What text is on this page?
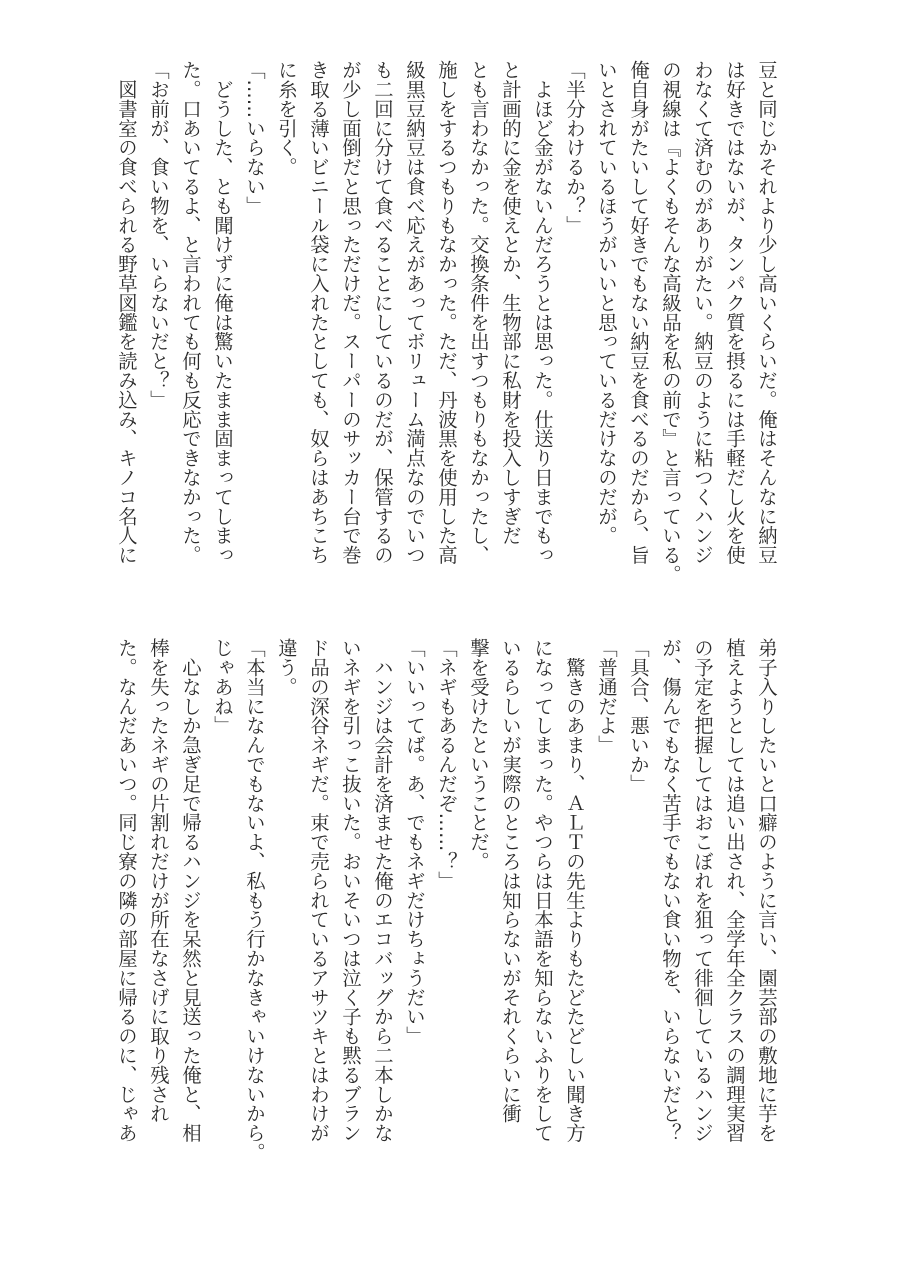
豆と同じかそれより少し高いくらいだ。俺はそんなに納豆
は好きではないが、タンパク質を摂るには手軽だし火を使
わなくて済むのがありがたい。納豆のように粘つくハンジ
の視線は『よくもそんな高級品を私の前で』と言っている。
俺自身がたいして好きでもない納豆を食べるのだから、旨
いとされているほうがいいと思っているだけなのだが。
「半分わけるか？」
　よほど金がないんだろうとは思った。仕送り日までもっ
と計画的に金を使えとか、生物部に私財を投入しすぎだ
とも言わなかった。交換条件を出すつもりもなかったし、
施しをするつもりもなかった。ただ、丹波黒を使用した高
級黒豆納豆は食べ応えがあってボリューム満点なのでいつ
も二回に分けて食べることにしているのだが、保管するの
が少し面倒だと思っただけだ。スーパーのサッカー台で巻
き取る薄いビニール袋に入れたとしても、奴らはあちこち
に糸を引く。
「……いらない」
　どうした、とも聞けずに俺は驚いたまま固まってしまっ
た。口あいてるよ、と言われても何も反応できなかった。
「お前が、食い物を、いらないだと？」
　図書室の食べられる野草図鑑を読み込み、キノコ名人に
弟子入りしたいと口癖のように言い、園芸部の敷地に芋を
植えようとしては追い出され、全学年全クラスの調理実習
の予定を把握してはおこぼれを狙って徘徊しているハンジ
が、傷んでもなく苦手でもない食い物を、いらないだと？
「具合、悪いか」
「普通だよ」
　驚きのあまり、ＡＬＴの先生よりもたどたどしい聞き方
になってしまった。やつらは日本語を知らないふりをして
いるらしいが実際のところは知らないがそれくらいに衝
撃を受けたということだ。
「ネギもあるんだぞ……？」
「いいってば。あ、でもネギだけちょうだい」
　ハンジは会計を済ませた俺のエコバッグから二本しかな
いネギを引っこ抜いた。おいそいつは泣く子も黙るブラン
ド品の深谷ネギだ。束で売られているアサツキとはわけが
違う。
「本当になんでもないよ、私もう行かなきゃいけないから。
じゃあね」
　心なしか急ぎ足で帰るハンジを呆然と見送った俺と、相
棒を失ったネギの片割れだけが所在なさげに取り残され
た。なんだあいつ。同じ寮の隣の部屋に帰るのに、じゃあ
